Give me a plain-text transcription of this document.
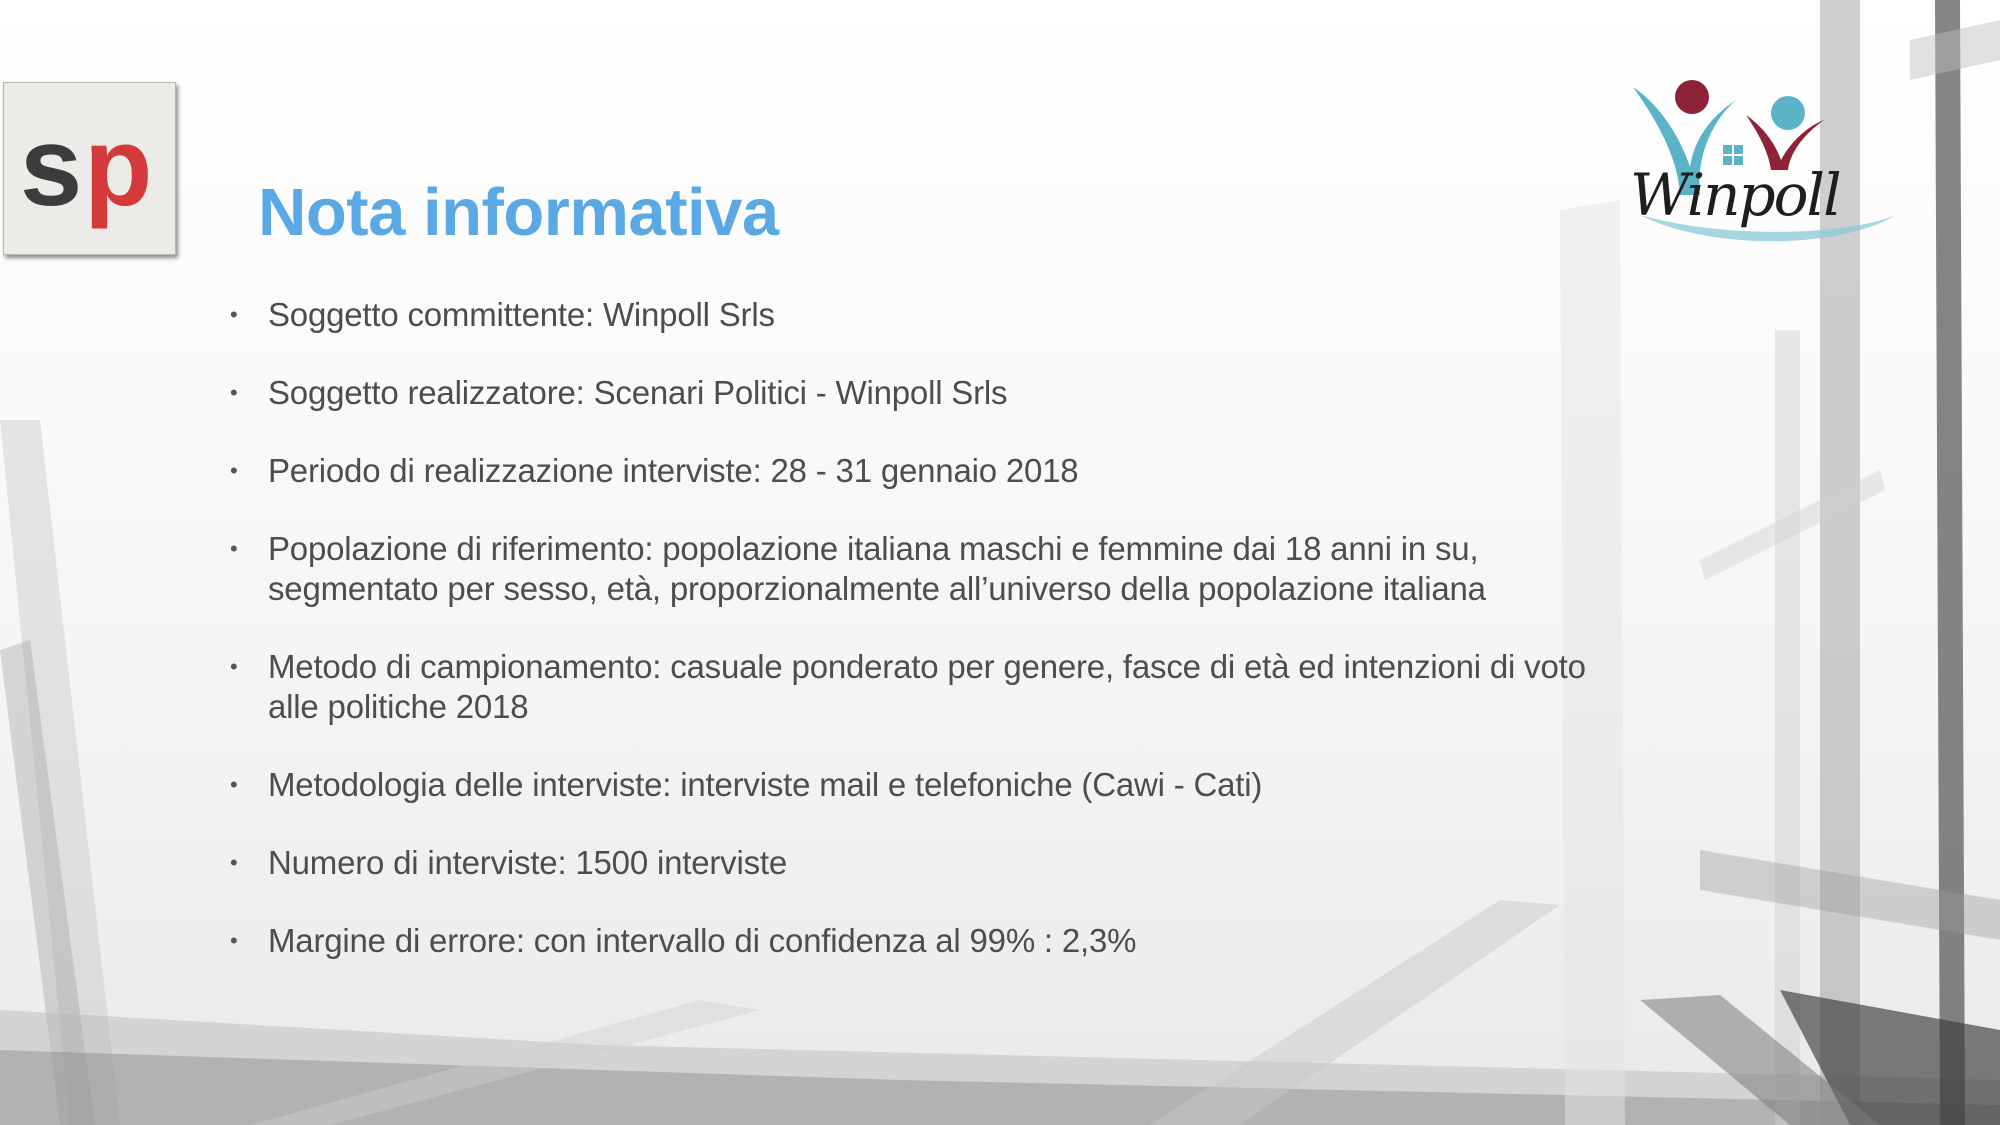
s p	Winpoll
Nota informativa
• Soggetto committente: Winpoll Srls
• Soggetto realizzatore: Scenari Politici - Winpoll Srls
• Periodo di realizzazione interviste: 28 - 31 gennaio 2018
• Popolazione di riferimento: popolazione italiana maschi e femmine dai 18 anni in su, segmentato per sesso, età, proporzionalmente all’universo della popolazione italiana
• Metodo di campionamento: casuale ponderato per genere, fasce di età ed intenzioni di voto alle politiche 2018
• Metodologia delle interviste: interviste mail e telefoniche (Cawi - Cati)
• Numero di interviste: 1500 interviste
• Margine di errore: con intervallo di confidenza al 99% : 2,3%
